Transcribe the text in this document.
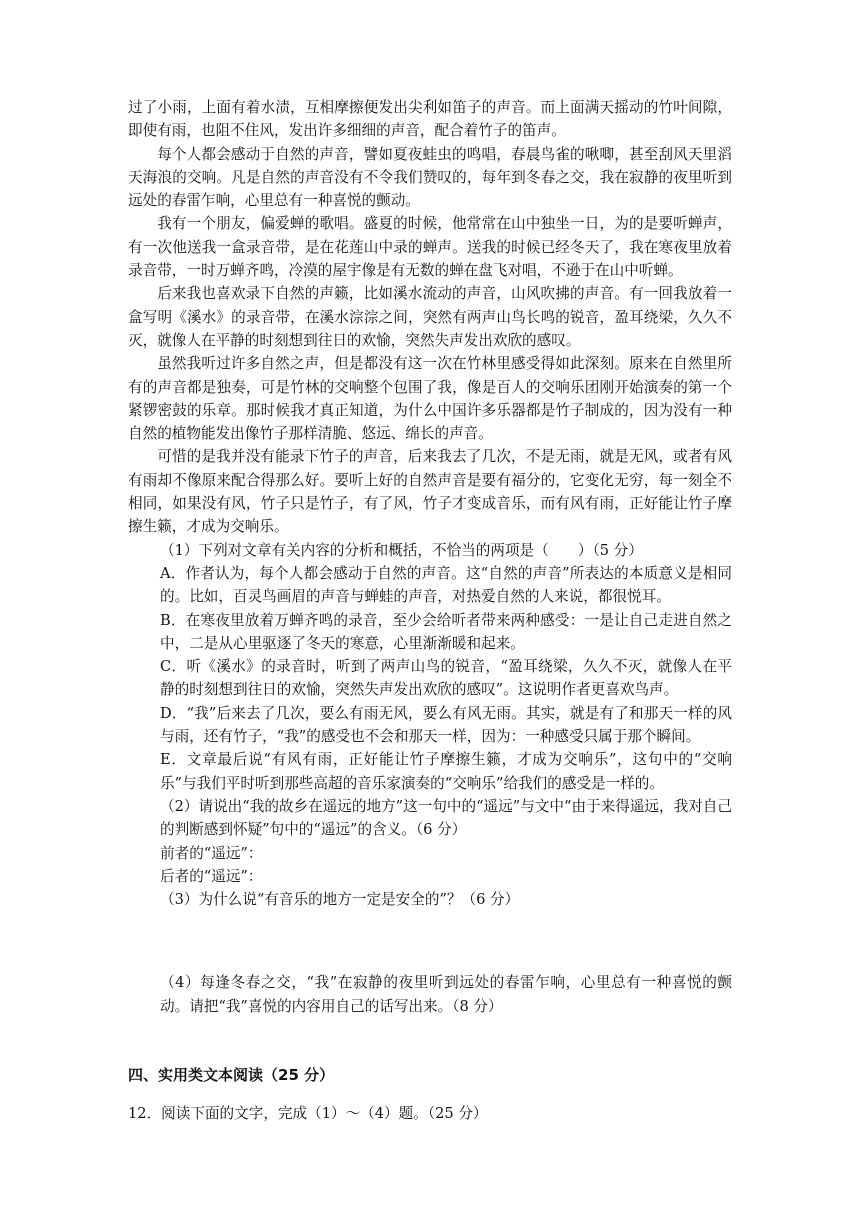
过了小雨，上面有着水渍，互相摩擦便发出尖利如笛子的声音。而上面满天摇动的竹叶间隙，即使有雨，也阻不住风，发出许多细细的声音，配合着竹子的笛声。

每个人都会感动于自然的声音，譬如夏夜蛙虫的鸣唱，春晨鸟雀的啾唧，甚至刮风天里滔天海浪的交响。凡是自然的声音没有不令我们赞叹的，每年到冬春之交，我在寂静的夜里听到远处的春雷乍响，心里总有一种喜悦的颤动。

我有一个朋友，偏爱蝉的歌唱。盛夏的时候，他常常在山中独坐一日，为的是要听蝉声，有一次他送我一盒录音带，是在花莲山中录的蝉声。送我的时候已经冬天了，我在寒夜里放着录音带，一时万蝉齐鸣，冷漠的屋宇像是有无数的蝉在盘飞对唱，不逊于在山中听蝉。

后来我也喜欢录下自然的声籁，比如溪水流动的声音，山风吹拂的声音。有一回我放着一盒写明《溪水》的录音带，在溪水淙淙之间，突然有两声山鸟长鸣的锐音，盈耳绕梁，久久不灭，就像人在平静的时刻想到往日的欢愉，突然失声发出欢欣的感叹。

虽然我听过许多自然之声，但是都没有这一次在竹林里感受得如此深刻。原来在自然里所有的声音都是独奏，可是竹林的交响整个包围了我，像是百人的交响乐团刚开始演奏的第一个紧锣密鼓的乐章。那时候我才真正知道，为什么中国许多乐器都是竹子制成的，因为没有一种自然的植物能发出像竹子那样清脆、悠远、绵长的声音。

可惜的是我并没有能录下竹子的声音，后来我去了几次，不是无雨，就是无风，或者有风有雨却不像原来配合得那么好。要听上好的自然声音是要有福分的，它变化无穷，每一刻全不相同，如果没有风，竹子只是竹子，有了风，竹子才变成音乐，而有风有雨，正好能让竹子摩擦生籁，才成为交响乐。

（1）下列对文章有关内容的分析和概括，不恰当的两项是（　　）（5 分）

A．作者认为，每个人都会感动于自然的声音。这“自然的声音”所表达的本质意义是相同的。比如，百灵鸟画眉的声音与蝉蛙的声音，对热爱自然的人来说，都很悦耳。

B．在寒夜里放着万蝉齐鸣的录音，至少会给听者带来两种感受：一是让自己走进自然之中，二是从心里驱逐了冬天的寒意，心里渐渐暖和起来。

C．听《溪水》的录音时，听到了两声山鸟的锐音，“盈耳绕梁，久久不灭，就像人在平静的时刻想到往日的欢愉，突然失声发出欢欣的感叹”。这说明作者更喜欢鸟声。

D．“我”后来去了几次，要么有雨无风，要么有风无雨。其实，就是有了和那天一样的风与雨，还有竹子，“我”的感受也不会和那天一样，因为：一种感受只属于那个瞬间。

E．文章最后说“有风有雨，正好能让竹子摩擦生籁，才成为交响乐”，这句中的“交响乐”与我们平时听到那些高超的音乐家演奏的“交响乐”给我们的感受是一样的。

（2）请说出“我的故乡在遥远的地方”这一句中的“遥远”与文中“由于来得遥远，我对自己的判断感到怀疑”句中的“遥远”的含义。（6 分）

前者的“遥远”：

后者的“遥远”：

（3）为什么说“有音乐的地方一定是安全的”？（6 分）

（4）每逢冬春之交，“我”在寂静的夜里听到远处的春雷乍响，心里总有一种喜悦的颤动。请把“我”喜悦的内容用自己的话写出来。（8 分）

四、实用类文本阅读（25 分）

12．阅读下面的文字，完成（1）～（4）题。（25 分）
